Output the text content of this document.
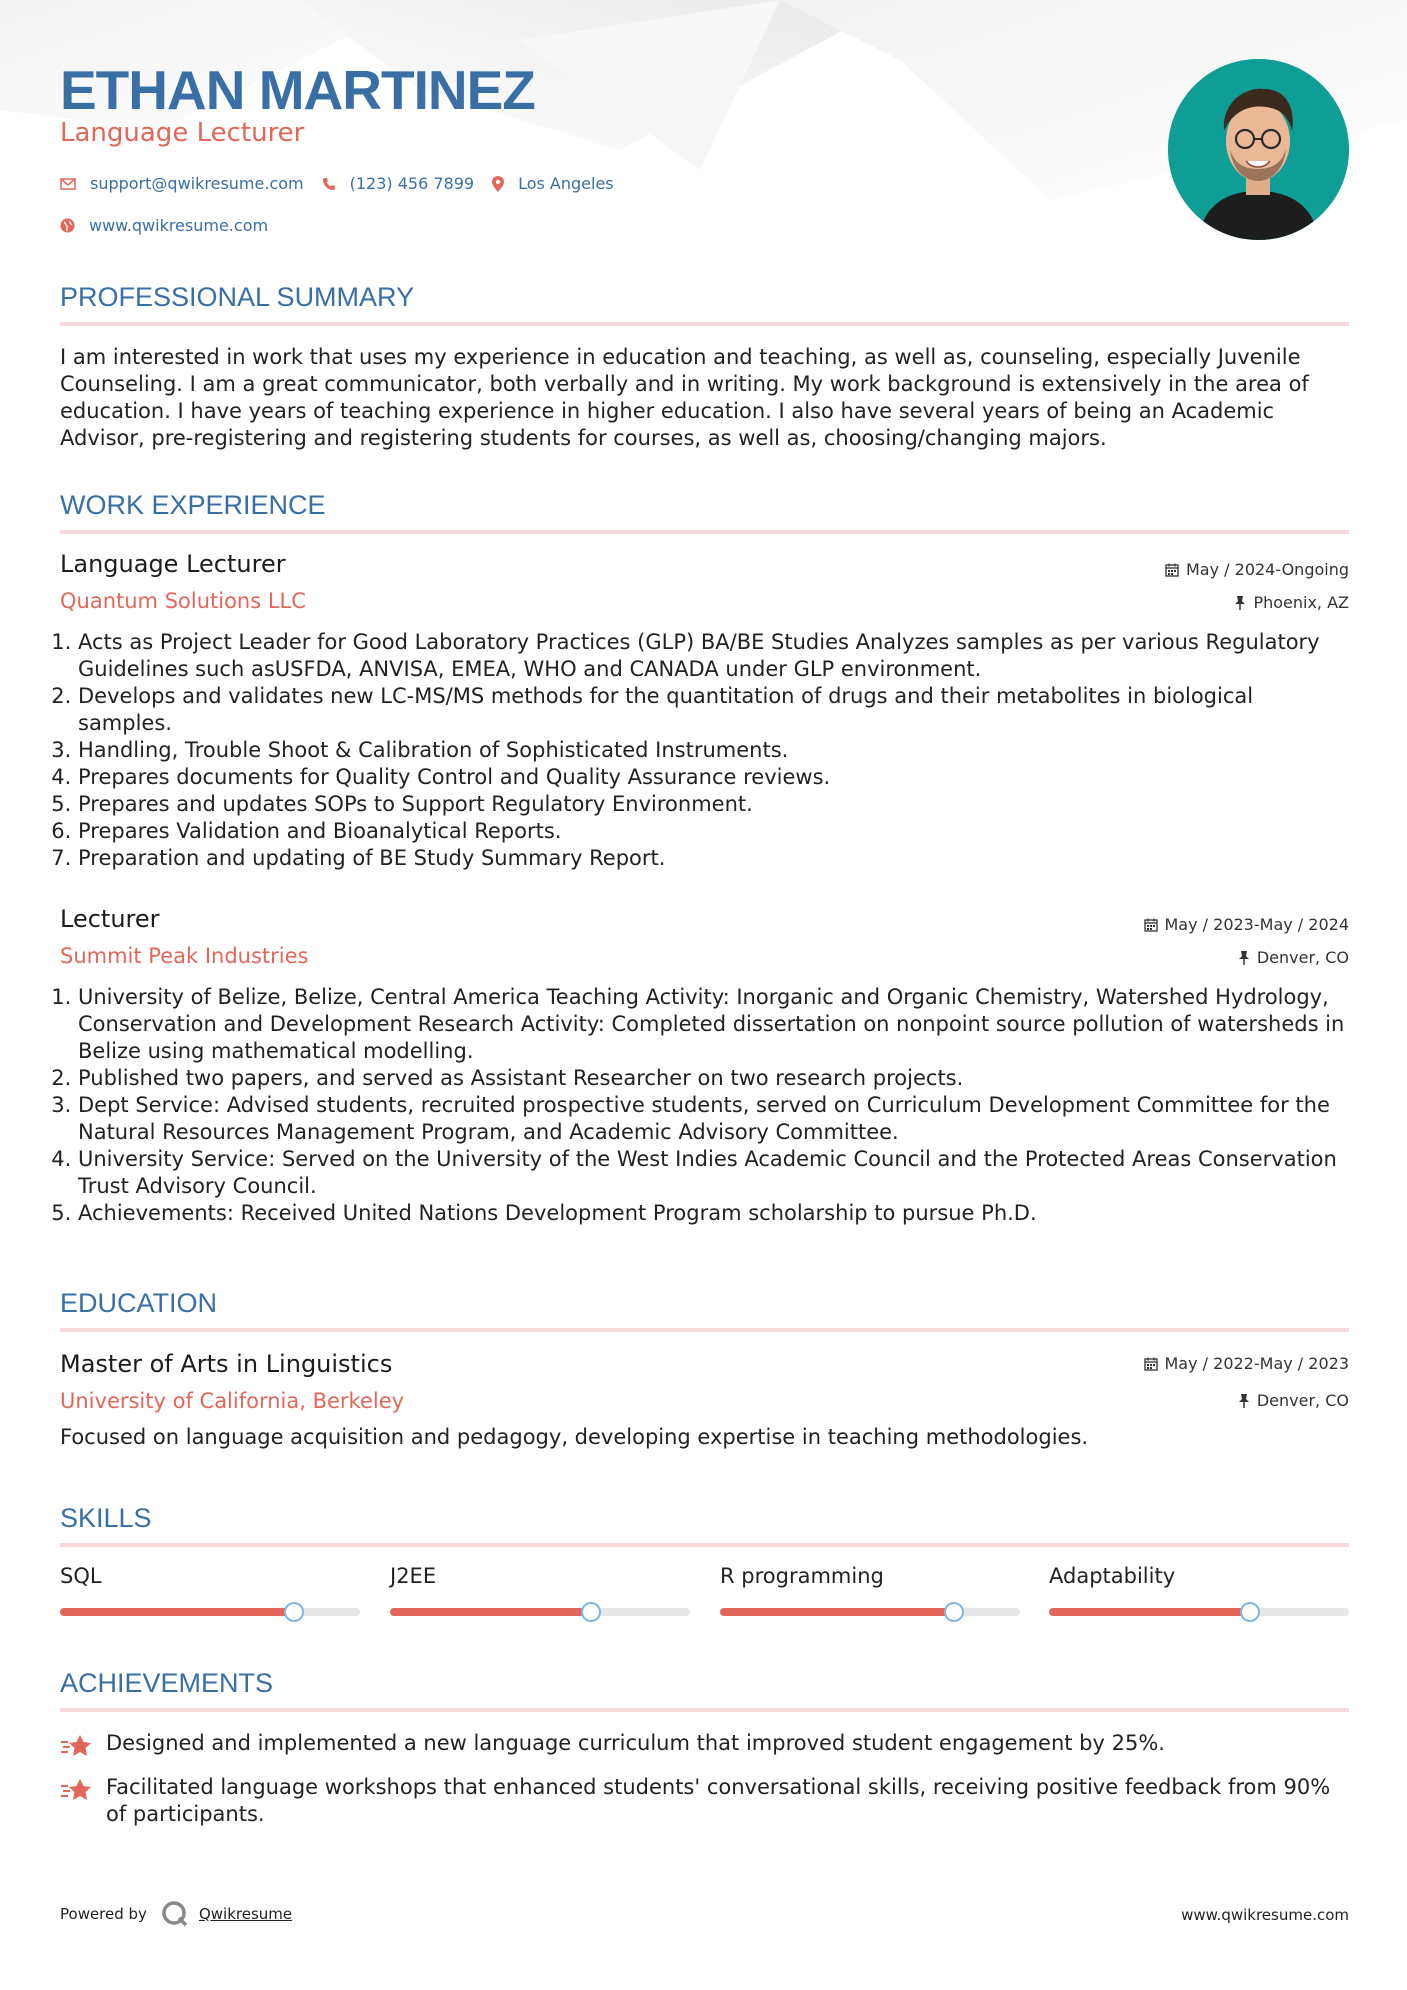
ETHAN MARTINEZ
Language Lecturer
support@qwikresume.com	(123) 456 7899	Los Angeles
www.qwikresume.com
PROFESSIONAL SUMMARY
I am interested in work that uses my experience in education and teaching, as well as, counseling, especially Juvenile Counseling. I am a great communicator, both verbally and in writing. My work background is extensively in the area of education. I have years of teaching experience in higher education. I also have several years of being an Academic Advisor, pre-registering and registering students for courses, as well as, choosing/changing majors.
WORK EXPERIENCE
Language Lecturer
Quantum Solutions LLC
May / 2024-Ongoing
Phoenix, AZ
1. Acts as Project Leader for Good Laboratory Practices (GLP) BA/BE Studies Analyzes samples as per various Regulatory Guidelines such asUSFDA, ANVISA, EMEA, WHO and CANADA under GLP environment.
2. Develops and validates new LC-MS/MS methods for the quantitation of drugs and their metabolites in biological samples.
3. Handling, Trouble Shoot & Calibration of Sophisticated Instruments.
4. Prepares documents for Quality Control and Quality Assurance reviews.
5. Prepares and updates SOPs to Support Regulatory Environment.
6. Prepares Validation and Bioanalytical Reports.
7. Preparation and updating of BE Study Summary Report.
Lecturer
Summit Peak Industries
May / 2023-May / 2024
Denver, CO
1. University of Belize, Belize, Central America Teaching Activity: Inorganic and Organic Chemistry, Watershed Hydrology, Conservation and Development Research Activity: Completed dissertation on nonpoint source pollution of watersheds in Belize using mathematical modelling.
2. Published two papers, and served as Assistant Researcher on two research projects.
3. Dept Service: Advised students, recruited prospective students, served on Curriculum Development Committee for the Natural Resources Management Program, and Academic Advisory Committee.
4. University Service: Served on the University of the West Indies Academic Council and the Protected Areas Conservation Trust Advisory Council.
5. Achievements: Received United Nations Development Program scholarship to pursue Ph.D.
EDUCATION
Master of Arts in Linguistics
University of California, Berkeley
May / 2022-May / 2023
Denver, CO
Focused on language acquisition and pedagogy, developing expertise in teaching methodologies.
SKILLS
SQL	J2EE	R programming	Adaptability
ACHIEVEMENTS
Designed and implemented a new language curriculum that improved student engagement by 25%.
Facilitated language workshops that enhanced students' conversational skills, receiving positive feedback from 90% of participants.
Powered by	Qwikresume	www.qwikresume.com
